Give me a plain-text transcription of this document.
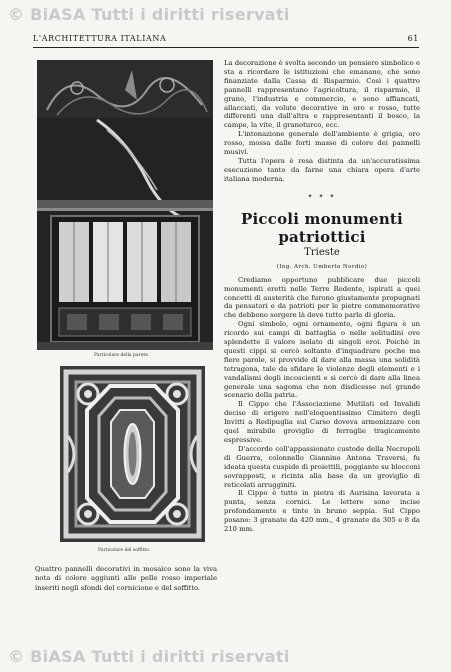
© BiASA Tutti i diritti riservati
L'ARCHITETTURA ITALIANA	61
Particolare della parete.
Particolare del soffitto.
Quattro pannelli decorativi in mosaico sono la viva nota di colore aggiunti alle pelle rosso imperiale inseriti negli sfondi del cornicione e del soffitto.

La decorazione è svolta secondo un pensiero simbolico e sta a ricordare le istituzioni che emanano, che sono finanziate dalla Cassa di Risparmio. Così i quattro pannelli rappresentano l'agricoltura, il risparmio, il grano, l'industria e commercio, e sono affiancati, allacciati, da volute decorative in oro e rosso, tutte differenti una dall'altra e rappresentanti il bosco, la campe, la vite, il granoturco, ecc.

L'intonazione generale dell'ambiente è grigia, oro rosso, mossa dalle forti masse di colore dei pannelli musivi.

Tutta l'opera è resa distinta da un'accuratissima esecuzione tanto da farne una chiara opera d'arte italiana moderna.

✦ ✦ ✦
Piccoli monumenti patriottici
Trieste
(Ing. Arch. Umberto Nordio)

Crediamo opportuno pubblicare due piccoli monumenti eretti nelle Terre Redente, ispirati a quei concetti di austerità che furono giustamente propugnati da pensatori e da patrioti per le pietre commemorative che debbono sorgere là dove tutto parla di gloria.

Ogni simbolo, ogni ornamento, ogni figura è un ricordo sui campi di battaglia o nelle solitudini ove splendette il valore isolato di singoli eroi. Poichè in questi cippi si cercò soltanto d'inquadrare poche ma fiere parole, si provvide di dare alla massa una solidità tetragona, tale da sfidare le violenze degli elementi e i vandalismi degli incoscienti e si cercò di dare alla linea generale una sagoma che non disdicesse nel grande scenario della patria.

Il Cippo che l'Associazione Mutilati ed Invalidi decise di erigere nell'eloquentissimo Cimitero degli Invitti a Redipuglia sul Carso doveva armonizzare con quel mirabile groviglio di ferraglie tragicamente espressive.

D'accordo coll'appassionato custode della Necropoli di Guerra, colonnello Giannino Antona Traversi, fu ideata questa cuspide di proiettili, poggiante su blocconi sovrapposti, e ricinta alla base da un groviglio di reticolati arrugginiti.

Il Cippo è tutto in pietra di Aurisina lavorata a punta, senza cornici. Le lettere sono incise profondamente e tinte in bruno seppia. Sul Cippo posano: 3 granate da 420 mm., 4 granate da 305 e 8 da 210 mm.

© BiASA Tutti i diritti riservati
